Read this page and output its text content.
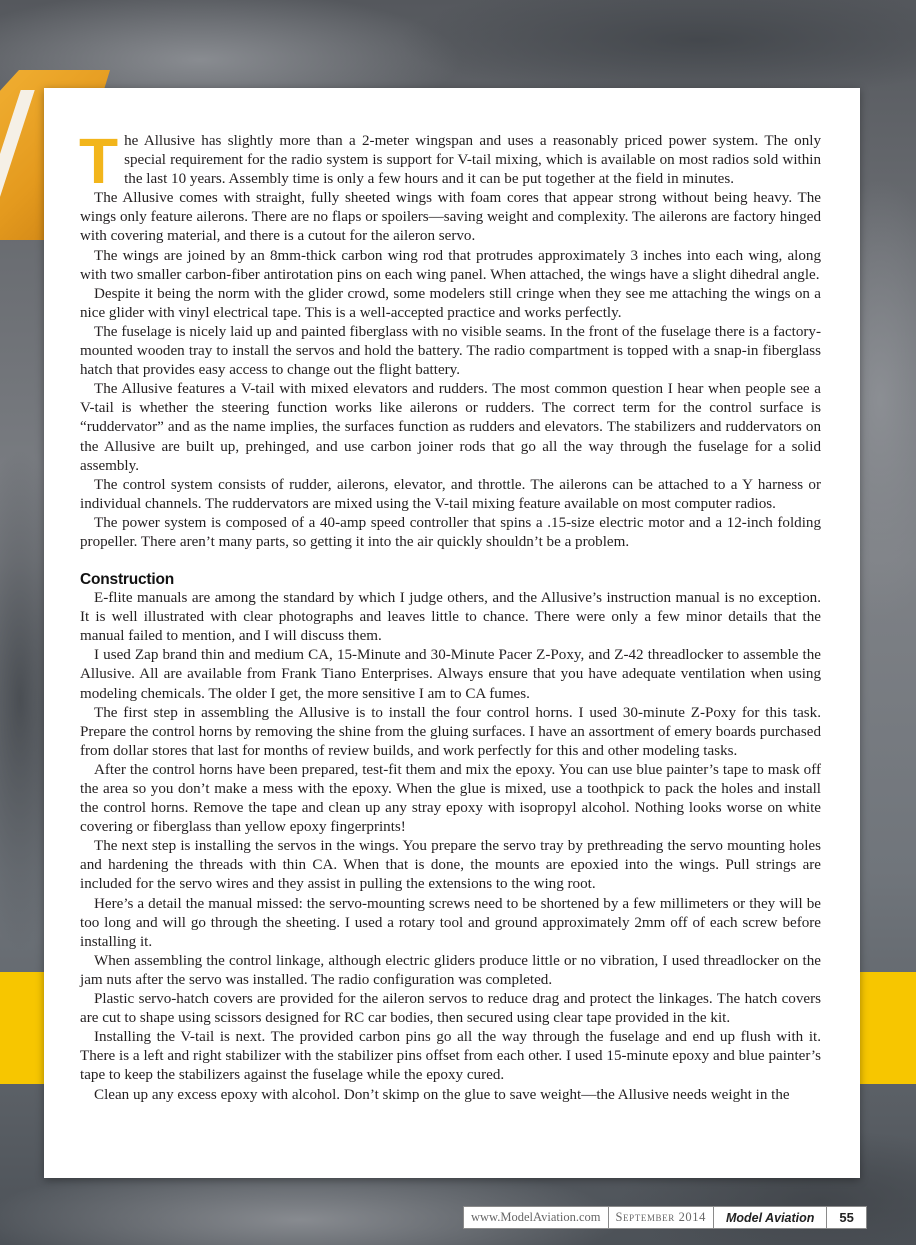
The Allusive has slightly more than a 2-meter wingspan and uses a reasonably priced power system. The only special requirement for the radio system is support for V-tail mixing, which is available on most radios sold within the last 10 years. Assembly time is only a few hours and it can be put together at the field in minutes.

The Allusive comes with straight, fully sheeted wings with foam cores that appear strong without being heavy. The wings only feature ailerons. There are no flaps or spoilers—saving weight and complexity. The ailerons are factory hinged with covering material, and there is a cutout for the aileron servo.

The wings are joined by an 8mm-thick carbon wing rod that protrudes approximately 3 inches into each wing, along with two smaller carbon-fiber antirotation pins on each wing panel. When attached, the wings have a slight dihedral angle.

Despite it being the norm with the glider crowd, some modelers still cringe when they see me attaching the wings on a nice glider with vinyl electrical tape. This is a well-accepted practice and works perfectly.

The fuselage is nicely laid up and painted fiberglass with no visible seams. In the front of the fuselage there is a factory-mounted wooden tray to install the servos and hold the battery. The radio compartment is topped with a snap-in fiberglass hatch that provides easy access to change out the flight battery.

The Allusive features a V-tail with mixed elevators and rudders. The most common question I hear when people see a V-tail is whether the steering function works like ailerons or rudders. The correct term for the control surface is “ruddervator” and as the name implies, the surfaces function as rudders and elevators. The stabilizers and ruddervators on the Allusive are built up, prehinged, and use carbon joiner rods that go all the way through the fuselage for a solid assembly.

The control system consists of rudder, ailerons, elevator, and throttle. The ailerons can be attached to a Y harness or individual channels. The ruddervators are mixed using the V-tail mixing feature available on most computer radios.

The power system is composed of a 40-amp speed controller that spins a .15-size electric motor and a 12-inch folding propeller. There aren’t many parts, so getting it into the air quickly shouldn’t be a problem.

Construction

E-flite manuals are among the standard by which I judge others, and the Allusive’s instruction manual is no exception. It is well illustrated with clear photographs and leaves little to chance. There were only a few minor details that the manual failed to mention, and I will discuss them.

I used Zap brand thin and medium CA, 15-Minute and 30-Minute Pacer Z-Poxy, and Z-42 threadlocker to assemble the Allusive. All are available from Frank Tiano Enterprises. Always ensure that you have adequate ventilation when using modeling chemicals. The older I get, the more sensitive I am to CA fumes.

The first step in assembling the Allusive is to install the four control horns. I used 30-minute Z-Poxy for this task. Prepare the control horns by removing the shine from the gluing surfaces. I have an assortment of emery boards purchased from dollar stores that last for months of review builds, and work perfectly for this and other modeling tasks.

After the control horns have been prepared, test-fit them and mix the epoxy. You can use blue painter’s tape to mask off the area so you don’t make a mess with the epoxy. When the glue is mixed, use a toothpick to pack the holes and install the control horns. Remove the tape and clean up any stray epoxy with isopropyl alcohol. Nothing looks worse on white covering or fiberglass than yellow epoxy fingerprints!

The next step is installing the servos in the wings. You prepare the servo tray by prethreading the servo mounting holes and hardening the threads with thin CA. When that is done, the mounts are epoxied into the wings. Pull strings are included for the servo wires and they assist in pulling the extensions to the wing root.

Here’s a detail the manual missed: the servo-mounting screws need to be shortened by a few millimeters or they will be too long and will go through the sheeting. I used a rotary tool and ground approximately 2mm off of each screw before installing it.

When assembling the control linkage, although electric gliders produce little or no vibration, I used threadlocker on the jam nuts after the servo was installed. The radio configuration was completed.

Plastic servo-hatch covers are provided for the aileron servos to reduce drag and protect the linkages. The hatch covers are cut to shape using scissors designed for RC car bodies, then secured using clear tape provided in the kit.

Installing the V-tail is next. The provided carbon pins go all the way through the fuselage and end up flush with it. There is a left and right stabilizer with the stabilizer pins offset from each other. I used 15-minute epoxy and blue painter’s tape to keep the stabilizers against the fuselage while the epoxy cured.

Clean up any excess epoxy with alcohol. Don’t skimp on the glue to save weight—the Allusive needs weight in the

www.ModelAviation.com	September 2014	Model Aviation	55
